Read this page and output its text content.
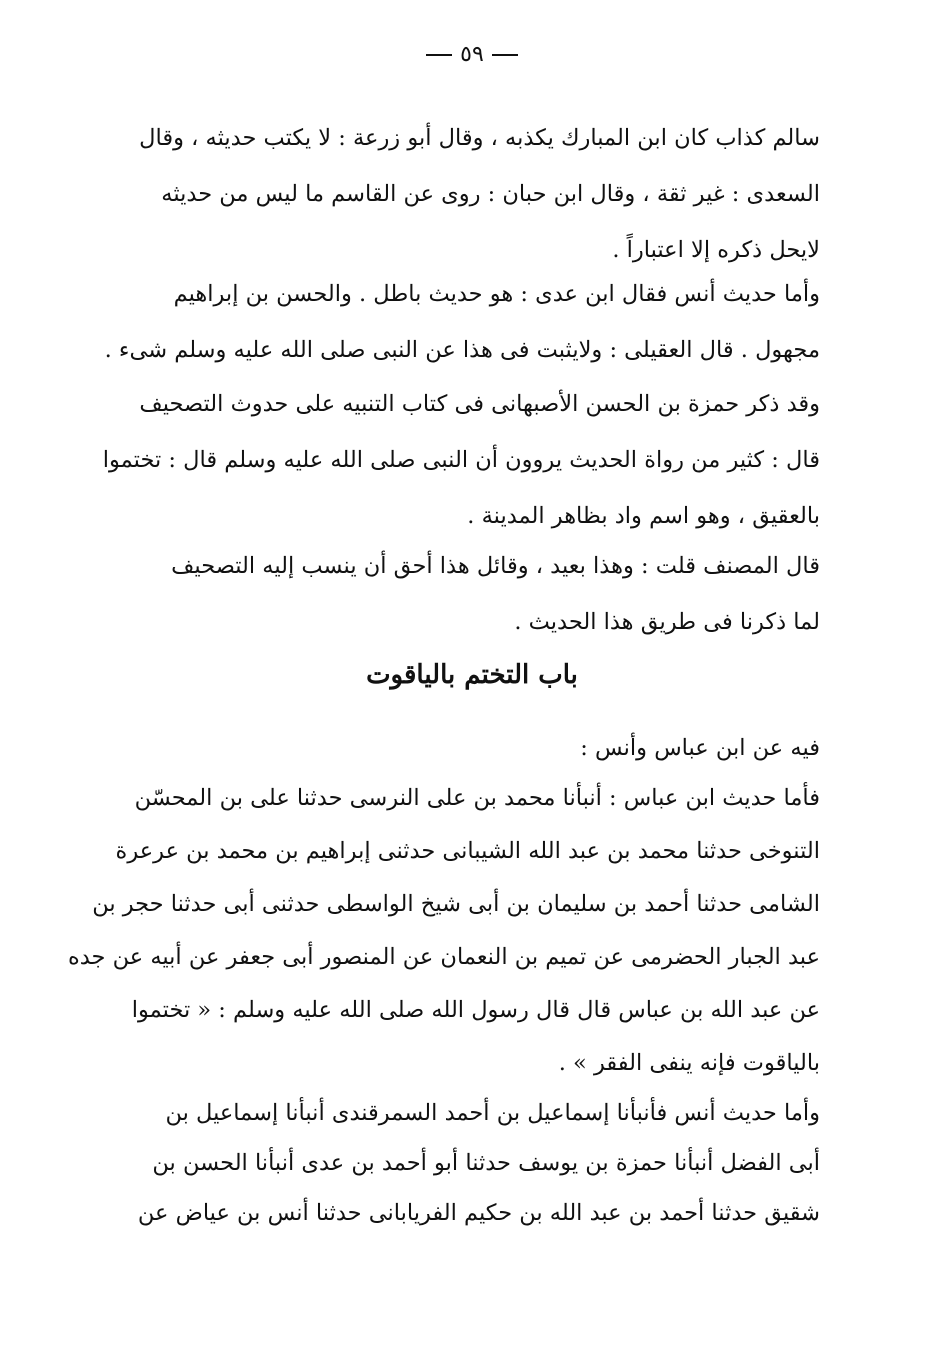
٥٩
سالم كذاب كان ابن المبارك يكذبه ، وقال أبو زرعة : لا يكتب حديثه ، وقال
السعدى : غير ثقة ، وقال ابن حبان : روى عن القاسم ما ليس من حديثه
لايحل ذكره إلا اعتباراً .
وأما حديث أنس فقال ابن عدى : هو حديث باطل . والحسن بن إبراهيم
مجهول . قال العقيلى : ولايثبت فى هذا عن النبى صلى الله عليه وسلم شىء .
وقد ذكر حمزة بن الحسن الأصبهانى فى كتاب التنبيه على حدوث التصحيف
قال : كثير من رواة الحديث يروون أن النبى صلى الله عليه وسلم قال : تختموا
بالعقيق ، وهو اسم واد بظاهر المدينة .
قال المصنف قلت : وهذا بعيد ، وقائل هذا أحق أن ينسب إليه التصحيف
لما ذكرنا فى طريق هذا الحديث .
باب التختم بالياقوت
فيه عن ابن عباس وأنس :
فأما حديث ابن عباس : أنبأنا محمد بن على النرسى حدثنا على بن المحسّن
التنوخى حدثنا محمد بن عبد الله الشيبانى حدثنى إبراهيم بن محمد بن عرعرة
الشامى حدثنا أحمد بن سليمان بن أبى شيخ الواسطى حدثنى أبى حدثنا حجر بن
عبد الجبار الحضرمى عن تميم بن النعمان عن المنصور أبى جعفر عن أبيه عن جده
عن عبد الله بن عباس قال قال رسول الله صلى الله عليه وسلم : « تختموا
بالياقوت فإنه ينفى الفقر » .
وأما حديث أنس فأنبأنا إسماعيل بن أحمد السمرقندى أنبأنا إسماعيل بن
أبى الفضل أنبأنا حمزة بن يوسف حدثنا أبو أحمد بن عدى أنبأنا الحسن بن
شقيق حدثنا أحمد بن عبد الله بن حكيم الفريابانى حدثنا أنس بن عياض عن
